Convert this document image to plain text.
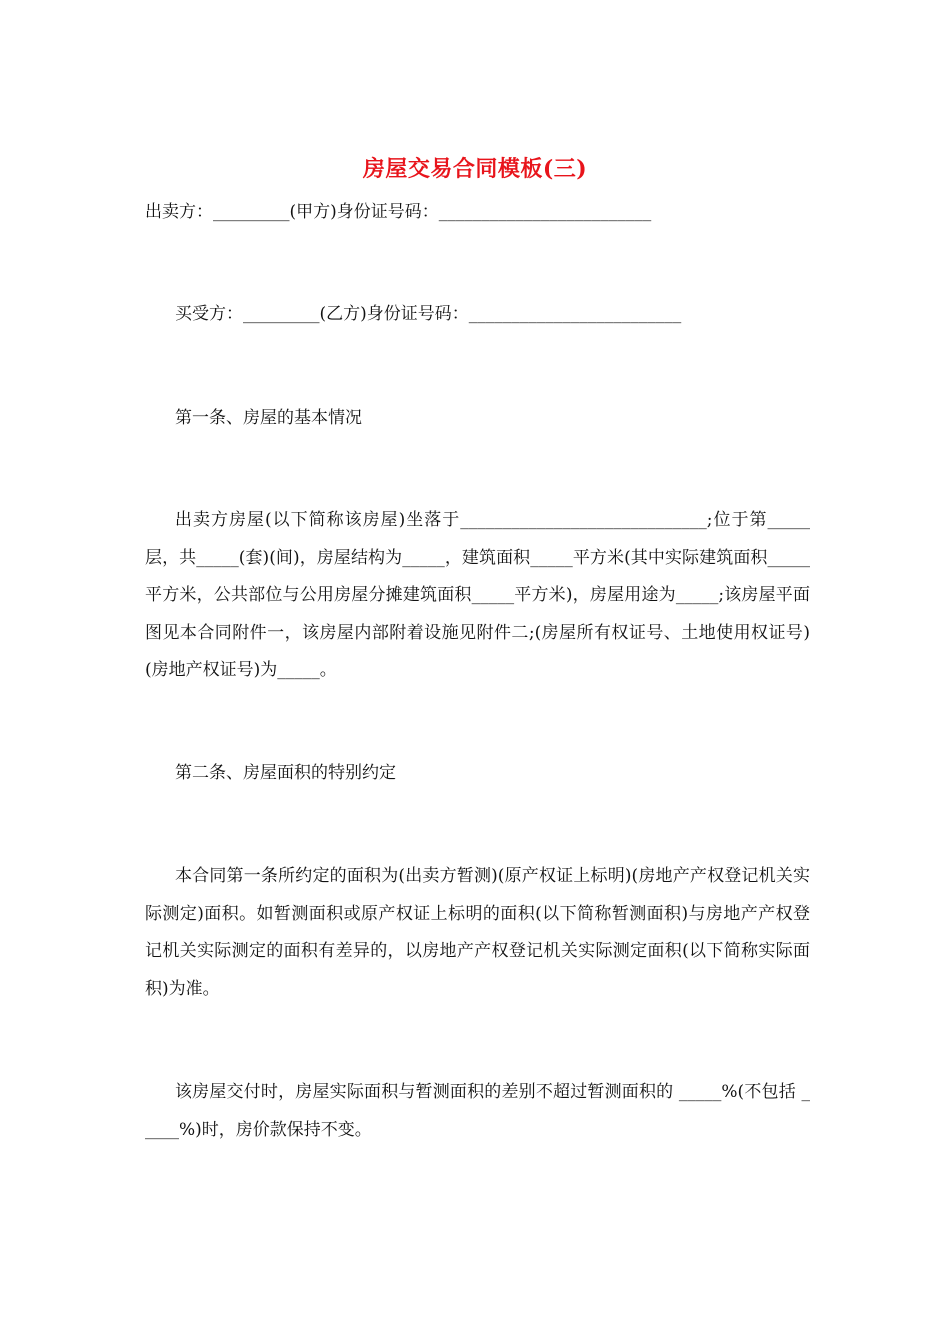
房屋交易合同模板(三)

出卖方：_________(甲方)身份证号码：_________________________

买受方：_________(乙方)身份证号码：_________________________

第一条、房屋的基本情况

出卖方房屋(以下简称该房屋)坐落于_____________________________;位于第_____层，共_____(套)(间)，房屋结构为_____，建筑面积_____平方米(其中实际建筑面积_____平方米，公共部位与公用房屋分摊建筑面积_____平方米)，房屋用途为_____;该房屋平面图见本合同附件一，该房屋内部附着设施见附件二;(房屋所有权证号、土地使用权证号)(房地产权证号)为_____。

第二条、房屋面积的特别约定

本合同第一条所约定的面积为(出卖方暂测)(原产权证上标明)(房地产产权登记机关实际测定)面积。如暂测面积或原产权证上标明的面积(以下简称暂测面积)与房地产产权登记机关实际测定的面积有差异的，以房地产产权登记机关实际测定面积(以下简称实际面积)为准。

该房屋交付时，房屋实际面积与暂测面积的差别不超过暂测面积的 _____%(不包括 _____%)时，房价款保持不变。
